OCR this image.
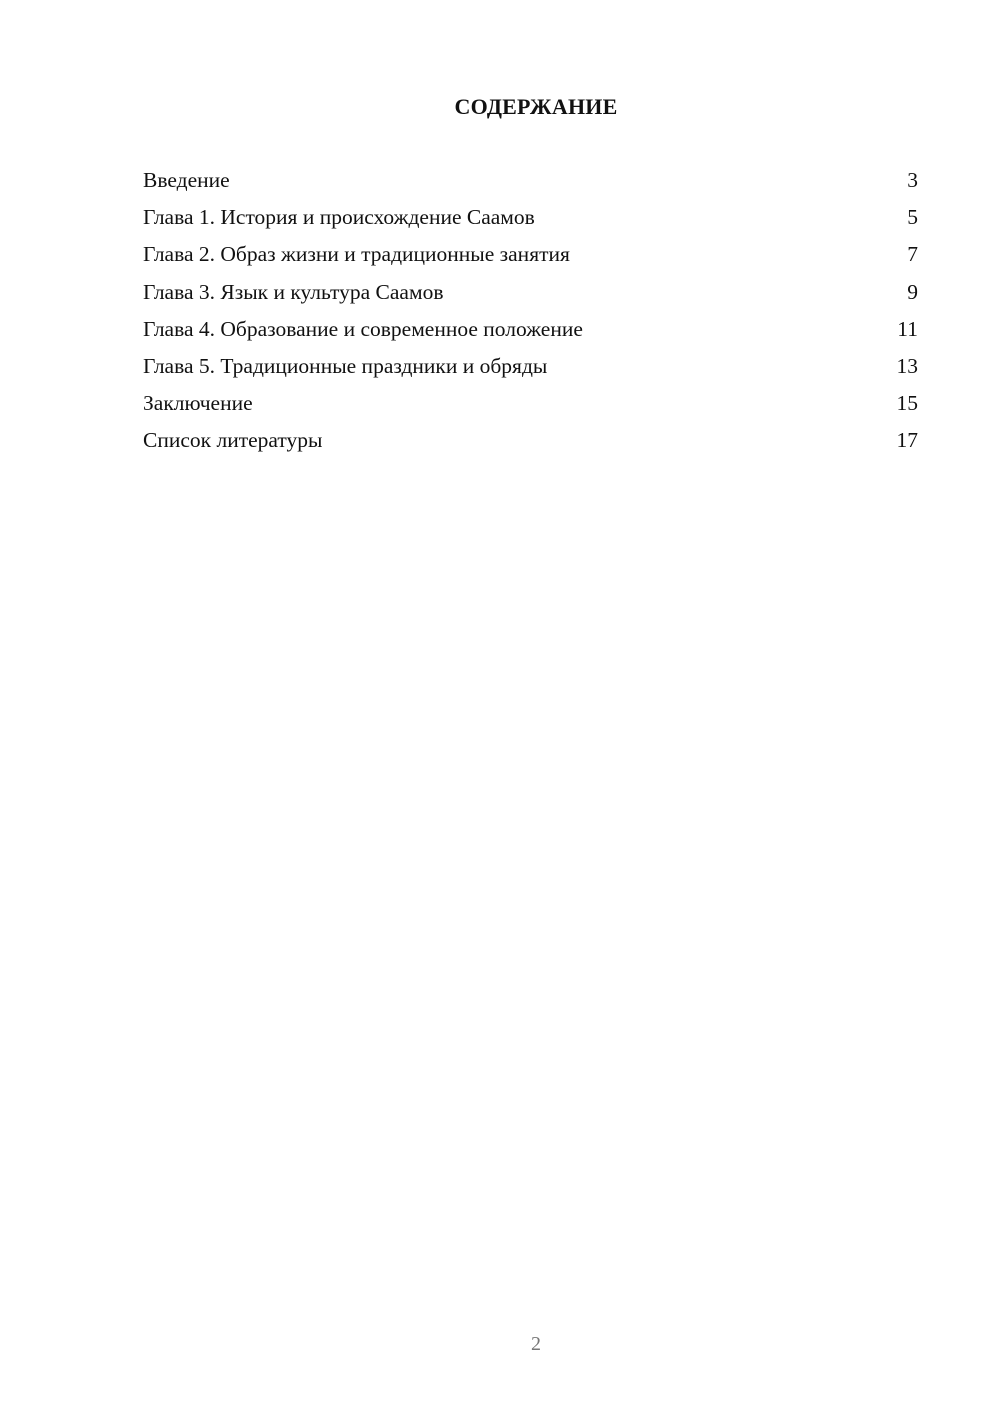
СОДЕРЖАНИЕ
Введение	3
Глава 1. История и происхождение Саамов	5
Глава 2. Образ жизни и традиционные занятия	7
Глава 3. Язык и культура Саамов	9
Глава 4. Образование и современное положение	11
Глава 5. Традиционные праздники и обряды	13
Заключение	15
Список литературы	17
2
